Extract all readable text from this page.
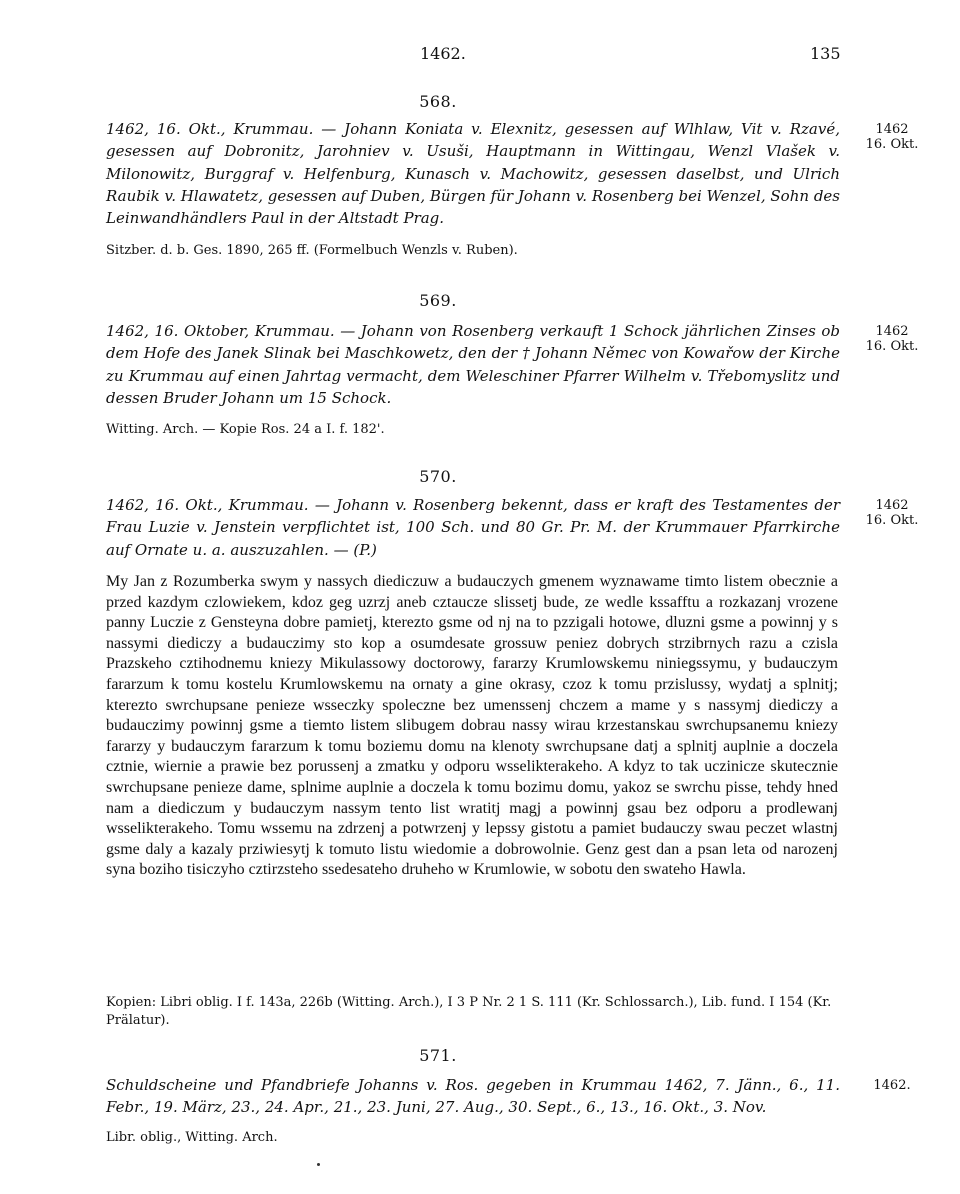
1462.	135
568.
1462, 16. Okt., Krummau. — Johann Koniata v. Elexnitz, gesessen auf Wlhlaw, Vit v. Rzavé, gesessen auf Dobronitz, Jarohniev v. Usuši, Hauptmann in Wittingau, Wenzl Vlašek v. Milonowitz, Burggraf v. Helfenburg, Kunasch v. Machowitz, gesessen daselbst, und Ulrich Raubik v. Hlawatetz, gesessen auf Duben, Bürgen für Johann v. Rosenberg bei Wenzel, Sohn des Leinwandhändlers Paul in der Altstadt Prag.
1462
16. Okt.
Sitzber. d. b. Ges. 1890, 265 ff. (Formelbuch Wenzls v. Ruben).
569.
1462, 16. Oktober, Krummau. — Johann von Rosenberg verkauft 1 Schock jährlichen Zinses ob dem Hofe des Janek Slinak bei Maschkowetz, den der † Johann Němec von Kowařow der Kirche zu Krummau auf einen Jahrtag vermacht, dem Weleschiner Pfarrer Wilhelm v. Třebomyslitz und dessen Bruder Johann um 15 Schock.
1462
16. Okt.
Witting. Arch. — Kopie Ros. 24 a I. f. 182'.
570.
1462, 16. Okt., Krummau. — Johann v. Rosenberg bekennt, dass er kraft des Testamentes der Frau Luzie v. Jenstein verpflichtet ist, 100 Sch. und 80 Gr. Pr. M. der Krummauer Pfarrkirche auf Ornate u. a. auszuzahlen. — (P.)
1462
16. Okt.
My Jan z Rozumberka swym y nassych diediczuw a budauczych gmenem wyznawame timto listem obecznie a przed kazdym czlowiekem, kdoz geg uzrzj aneb cztaucze slissetj bude, ze wedle kssafftu a rozkazanj vrozene panny Luczie z Gensteyna dobre pamietj, kterezto gsme od nj na to pzzigali hotowe, dluzni gsme a powinnj y s nassymi diediczy a budauczimy sto kop a osumdesate grossuw peniez dobrych strzibrnych razu a czisla Prazskeho cztihodnemu kniezy Mikulassowy doctorowy, fararzy Krumlowskemu niniegssymu, y budauczym fararzum k tomu kostelu Krumlowskemu na ornaty a gine okrasy, czoz k tomu przislussy, wydatj a splnitj; kterezto swrchupsane penieze wsseczky spoleczne bez umenssenj chczem a mame y s nassymj diediczy a budauczimy powinnj gsme a tiemto listem slibugem dobrau nassy wirau krzestanskau swrchupsanemu kniezy fararzy y budauczym fararzum k tomu boziemu domu na klenoty swrchupsane datj a splnitj auplnie a doczela cztnie, wiernie a prawie bez porussenj a zmatku y odporu wsselikterakeho. A kdyz to tak uczinicze skutecznie swrchupsane penieze dame, splnime auplnie a doczela k tomu bozimu domu, yakoz se swrchu pisse, tehdy hned nam a diediczum y budauczym nassym tento list wratitj magj a powinnj gsau bez odporu a prodlewanj wsselikterakeho. Tomu wssemu na zdrzenj a potwrzenj y lepssy gistotu a pamiet budauczy swau peczet wlastnj gsme daly a kazaly prziwiesytj k tomuto listu wiedomie a dobrowolnie. Genz gest dan a psan leta od narozenj syna boziho tisiczyho cztirzsteho ssedesateho druheho w Krumlowie, w sobotu den swateho Hawla.
Kopien: Libri oblig. I f. 143a, 226b (Witting. Arch.), I 3 P Nr. 2 1 S. 111 (Kr. Schlossarch.), Lib. fund. I 154 (Kr. Prälatur).
571.
Schuldscheine und Pfandbriefe Johanns v. Ros. gegeben in Krummau 1462, 7. Jänn., 6., 11. Febr., 19. März, 23., 24. Apr., 21., 23. Juni, 27. Aug., 30. Sept., 6., 13., 16. Okt., 3. Nov.
1462.
Libr. oblig., Witting. Arch.
